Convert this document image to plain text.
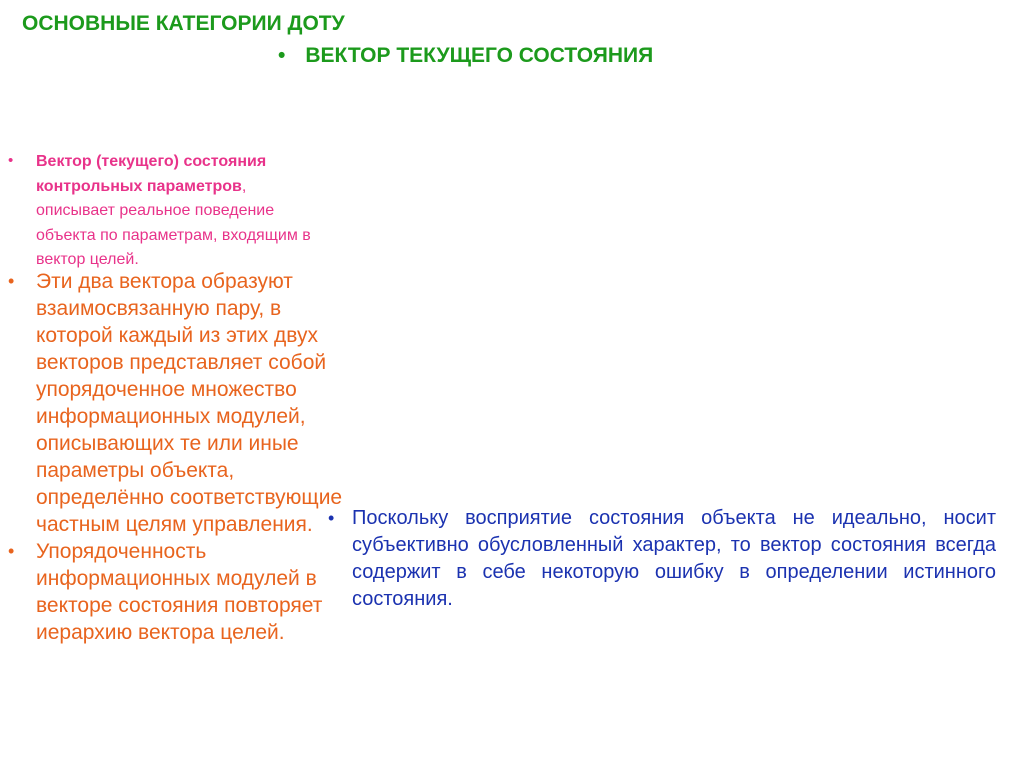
ОСНОВНЫЕ КАТЕГОРИИ ДОТУ
• ВЕКТОР ТЕКУЩЕГО СОСТОЯНИЯ
• Вектор (текущего) состояния контрольных параметров, описывает реальное поведение объекта по параметрам, входящим в вектор целей.
• Эти два вектора образуют взаимосвязанную пару, в которой каждый из этих двух векторов представляет собой упорядоченное множество информационных модулей, описывающих те или иные параметры объекта, определённо соответствующие частным целям управления.
• Упорядоченность информационных модулей в векторе состояния повторяет иерархию вектора целей.
• Поскольку восприятие состояния объекта не идеально, носит субъективно обусловленный характер, то вектор состояния всегда содержит в себе некоторую ошибку в определении истинного состояния.
